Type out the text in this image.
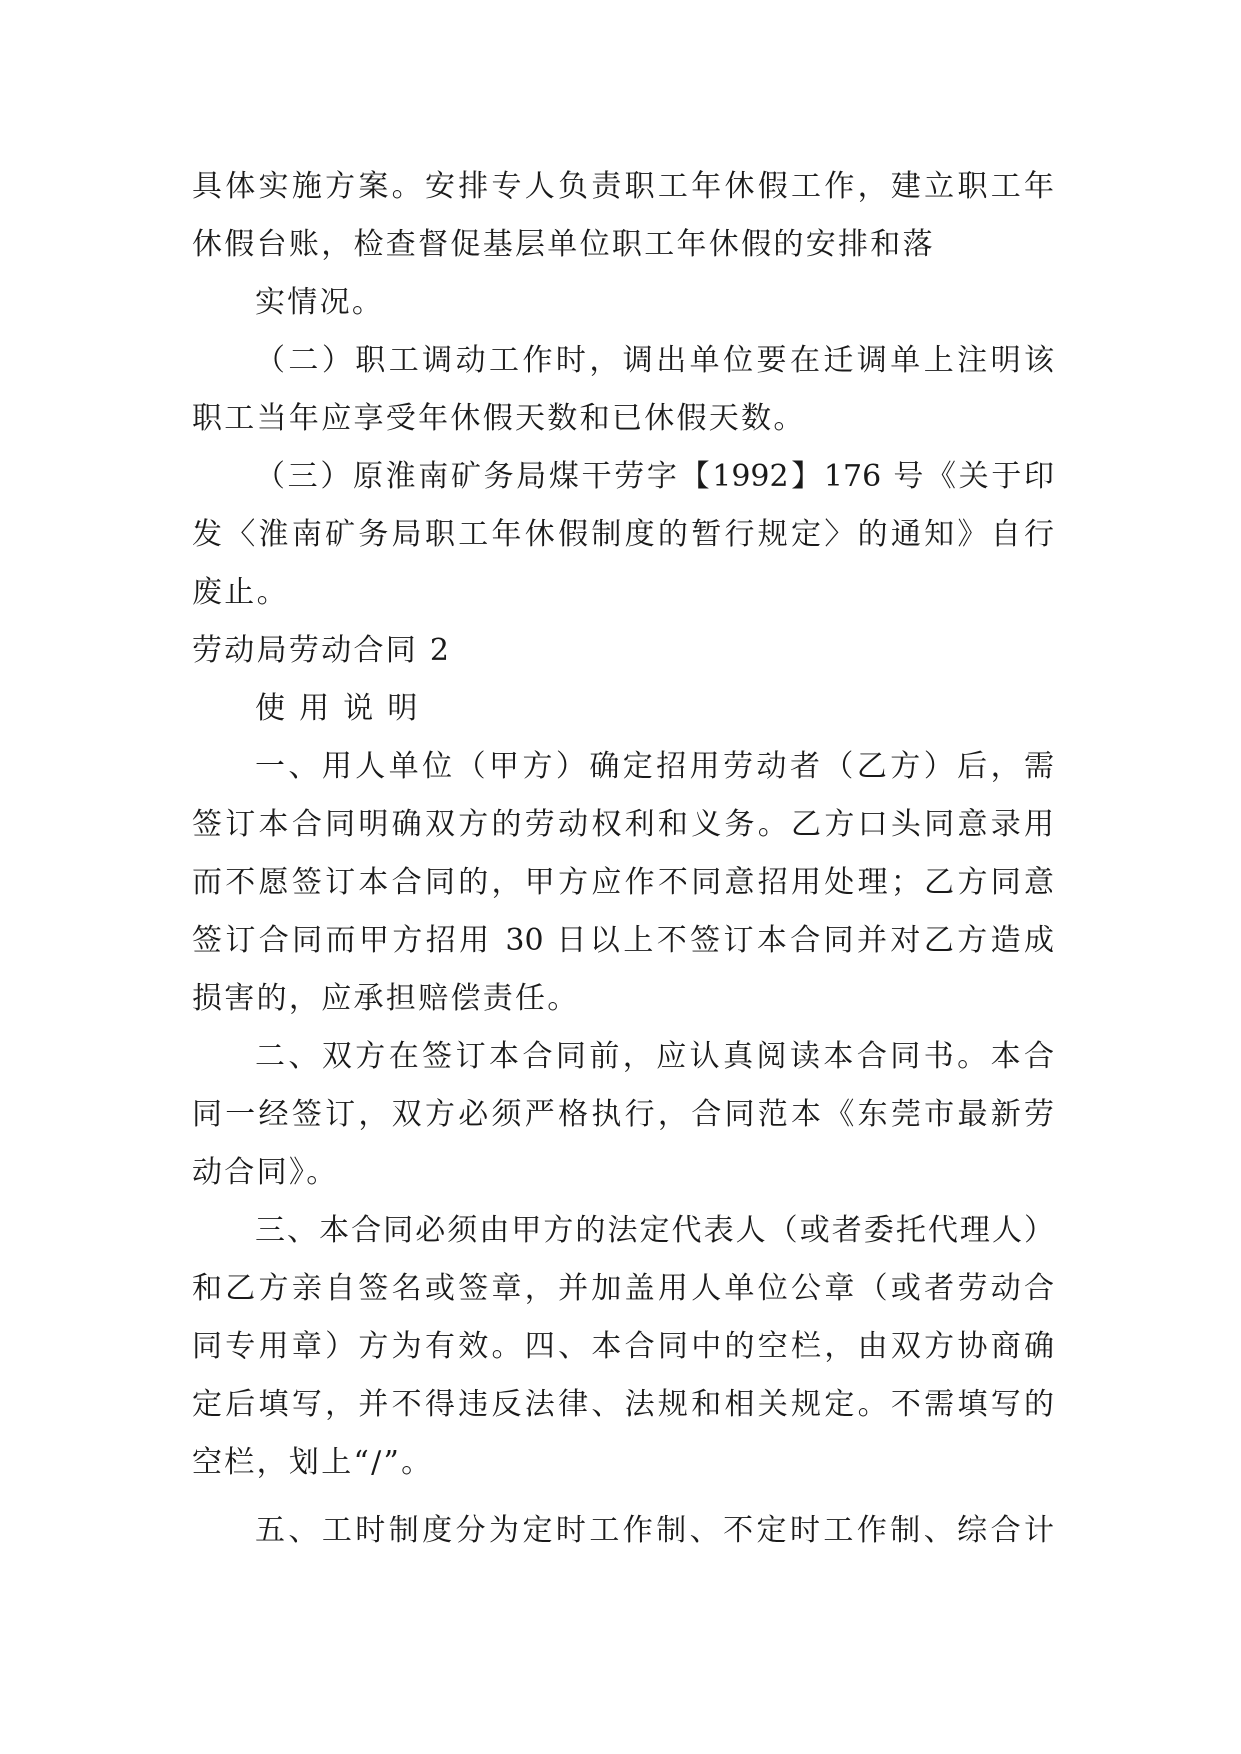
具体实施方案。安排专人负责职工年休假工作，建立职工年
休假台账，检查督促基层单位职工年休假的安排和落
实情况。
（二）职工调动工作时，调出单位要在迁调单上注明该
职工当年应享受年休假天数和已休假天数。
（三）原淮南矿务局煤干劳字【1992】176 号《关于印
发〈淮南矿务局职工年休假制度的暂行规定〉的通知》自行
废止。
劳动局劳动合同 2
使 用 说 明
一、用人单位（甲方）确定招用劳动者（乙方）后，需
签订本合同明确双方的劳动权利和义务。乙方口头同意录用
而不愿签订本合同的，甲方应作不同意招用处理；乙方同意
签订合同而甲方招用 30 日以上不签订本合同并对乙方造成
损害的，应承担赔偿责任。
二、双方在签订本合同前，应认真阅读本合同书。本合
同一经签订，双方必须严格执行，合同范本《东莞市最新劳
动合同》。
三、本合同必须由甲方的法定代表人（或者委托代理人）
和乙方亲自签名或签章，并加盖用人单位公章（或者劳动合
同专用章）方为有效。四、本合同中的空栏，由双方协商确
定后填写，并不得违反法律、法规和相关规定。不需填写的
空栏，划上“/”。
五、工时制度分为定时工作制、不定时工作制、综合计
